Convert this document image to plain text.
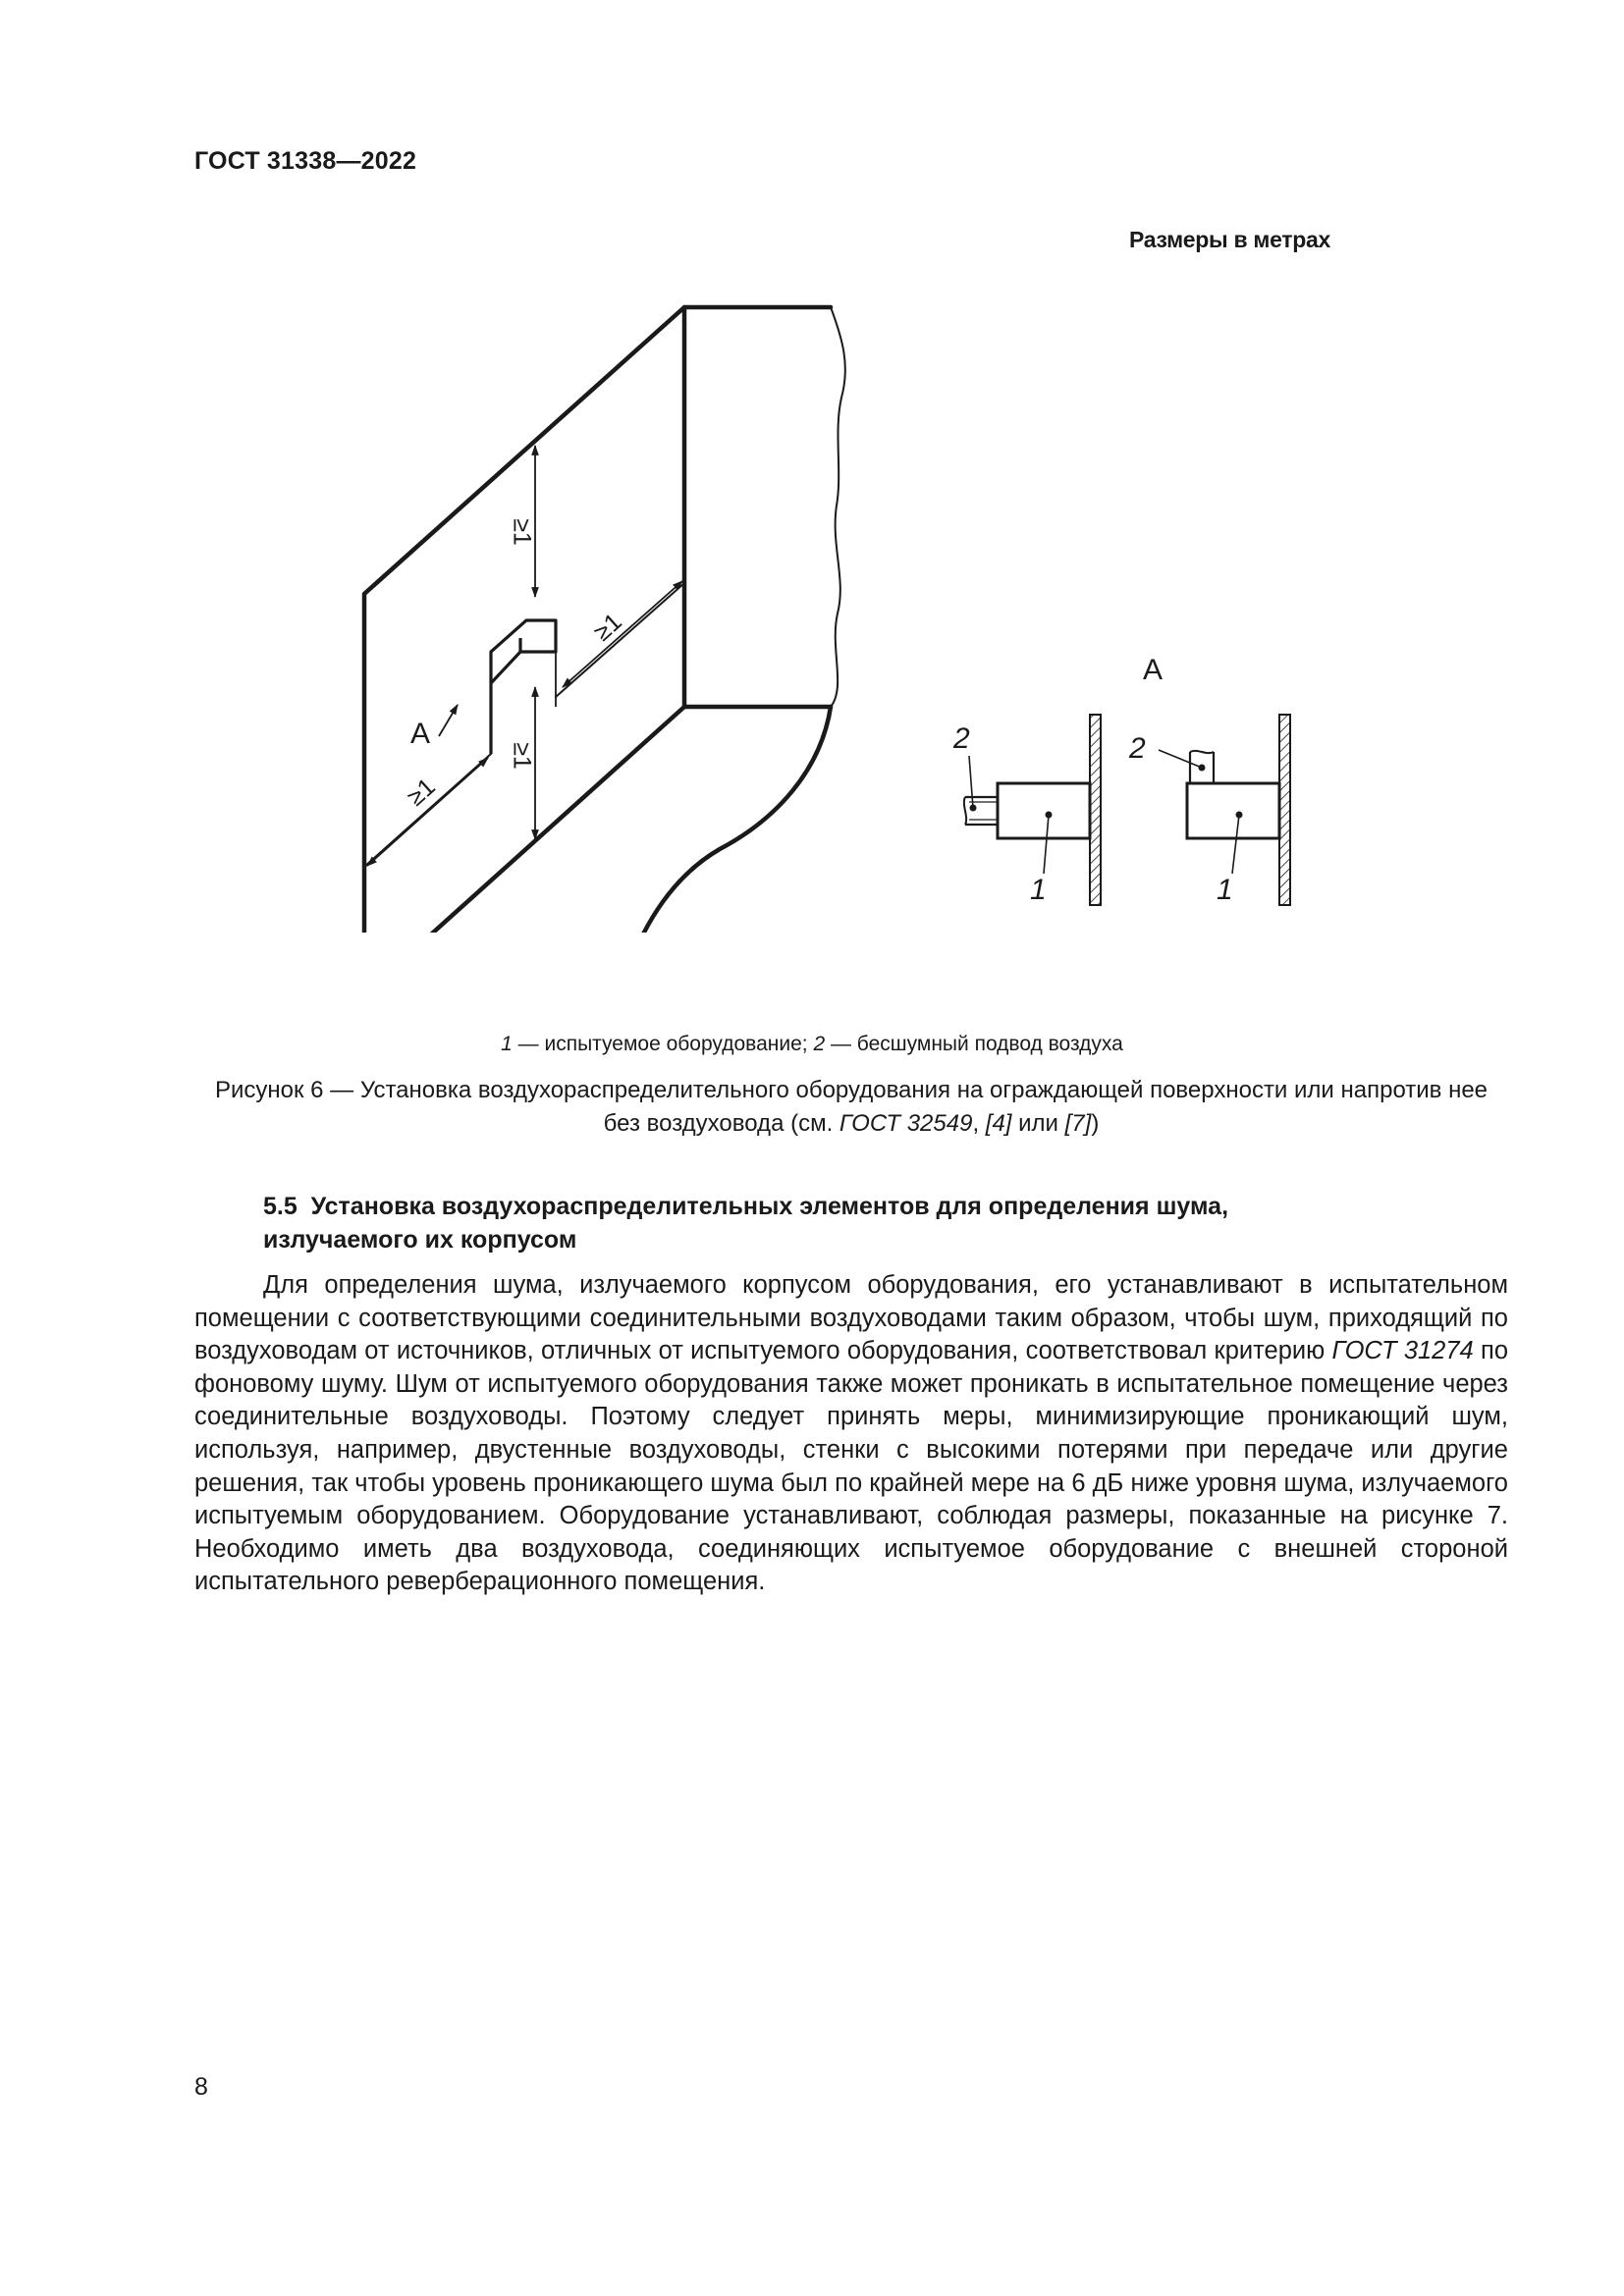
ГОСТ 31338—2022
Размеры в метрах
≥1
≥1
≥1
≥1
А
А
2
1
2
1
1 — испытуемое оборудование; 2 — бесшумный подвод воздуха
Рисунок 6 — Установка воздухораспределительного оборудования на ограждающей поверхности или напротив нее без воздуховода (см. ГОСТ 32549, [4] или [7])
5.5 Установка воздухораспределительных элементов для определения шума,
излучаемого их корпусом
Для определения шума, излучаемого корпусом оборудования, его устанавливают в испытательном помещении с соответствующими соединительными воздуховодами таким образом, чтобы шум, приходящий по воздуховодам от источников, отличных от испытуемого оборудования, соответствовал критерию ГОСТ 31274 по фоновому шуму. Шум от испытуемого оборудования также может проникать в испытательное помещение через соединительные воздуховоды. Поэтому следует принять меры, минимизирующие проникающий шум, используя, например, двустенные воздуховоды, стенки с высокими потерями при передаче или другие решения, так чтобы уровень проникающего шума был по крайней мере на 6 дБ ниже уровня шума, излучаемого испытуемым оборудованием. Оборудование устанавливают, соблюдая размеры, показанные на рисунке 7. Необходимо иметь два воздуховода, соединяющих испытуемое оборудование с внешней стороной испытательного реверберационного помещения.
8
